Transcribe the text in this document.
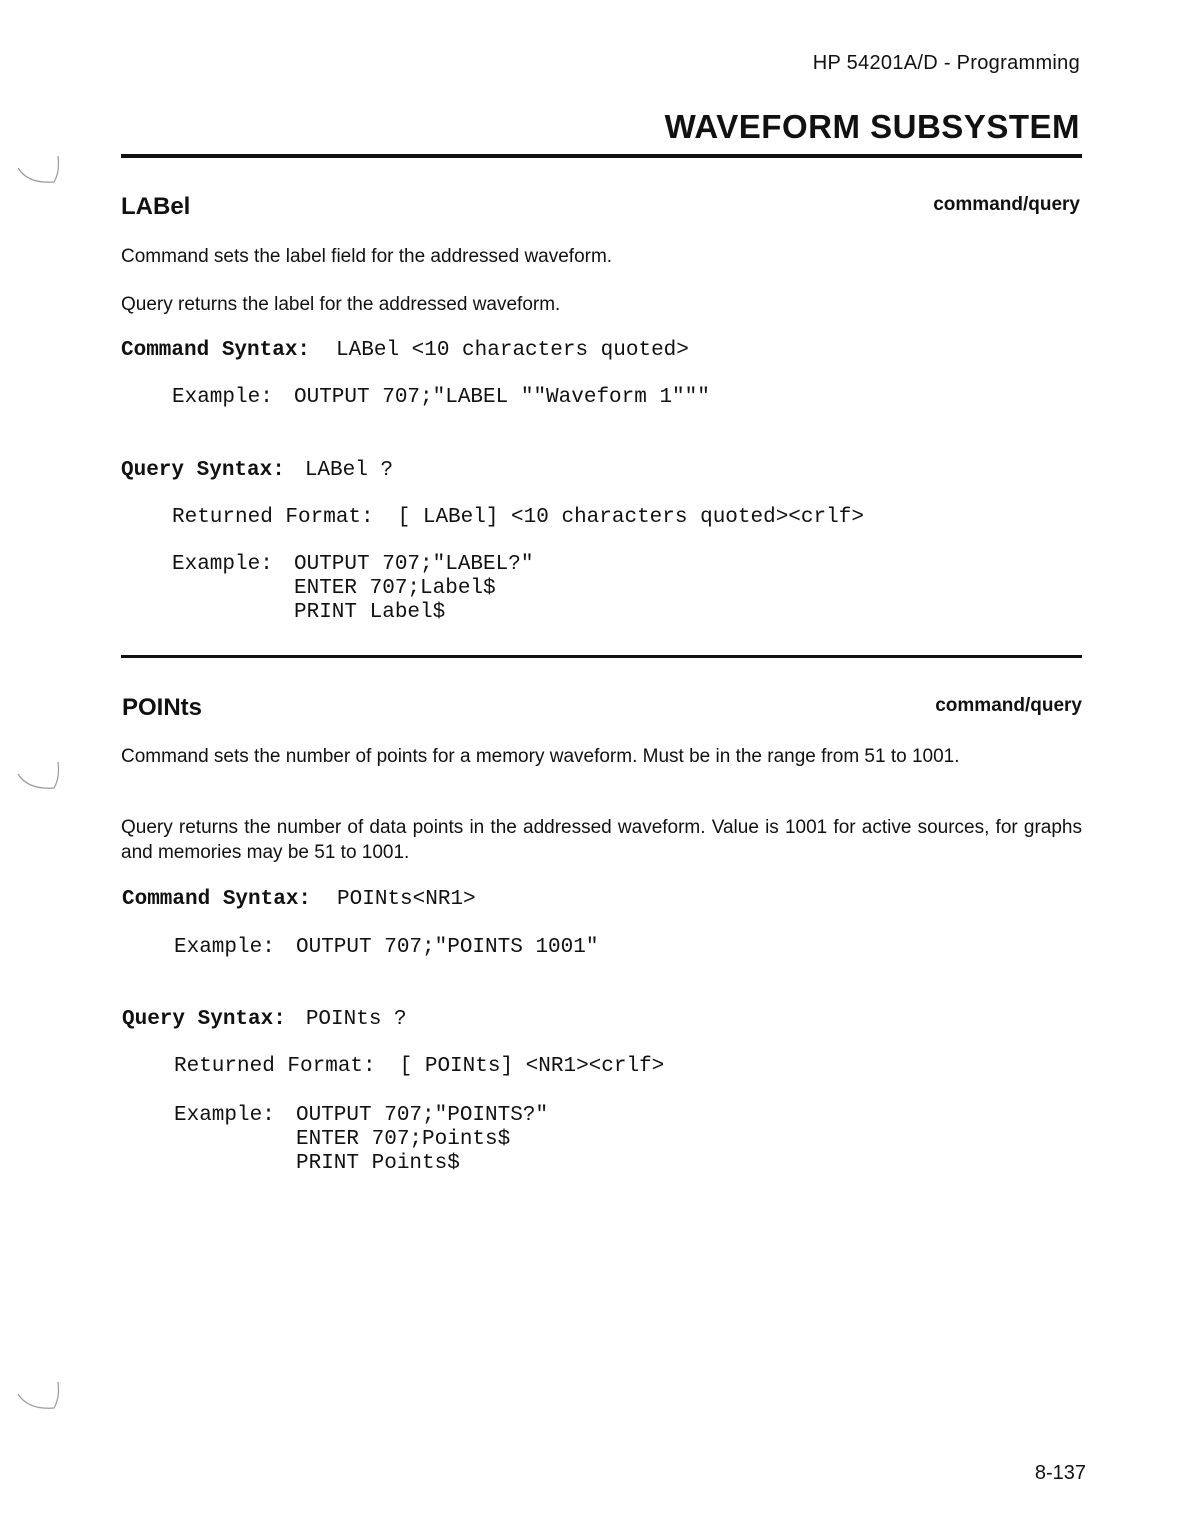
HP 54201A/D - Programming
WAVEFORM SUBSYSTEM
LABel	command/query
Command sets the label field for the addressed waveform.
Query returns the label for the addressed waveform.
Command Syntax: LABel <10 characters quoted>
Example: OUTPUT 707;"LABEL ""Waveform 1"""
Query Syntax: LABel ?
Returned Format: [ LABel] <10 characters quoted><crlf>
Example: OUTPUT 707;"LABEL?"
ENTER 707;Label$
PRINT Label$
POINts	command/query
Command sets the number of points for a memory waveform. Must be in the range from 51 to 1001.
Query returns the number of data points in the addressed waveform. Value is 1001 for active sources, for graphs and memories may be 51 to 1001.
Command Syntax: POINts<NR1>
Example: OUTPUT 707;"POINTS 1001"
Query Syntax: POINts ?
Returned Format: [ POINts] <NR1><crlf>
Example: OUTPUT 707;"POINTS?"
ENTER 707;Points$
PRINT Points$
8-137
